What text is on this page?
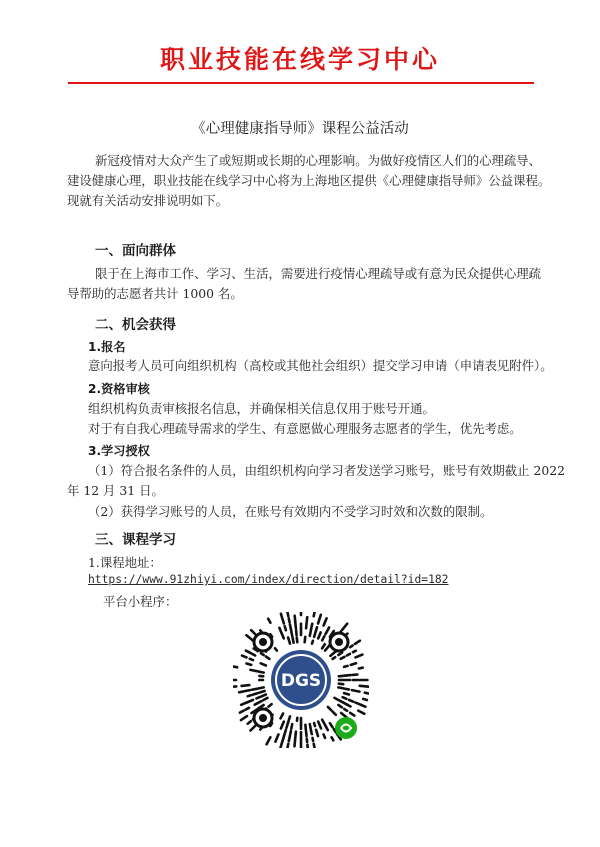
职业技能在线学习中心
《心理健康指导师》课程公益活动
新冠疫情对大众产生了或短期或长期的心理影响。为做好疫情区人们的心理疏导、
建设健康心理，职业技能在线学习中心将为上海地区提供《心理健康指导师》公益课程。
现就有关活动安排说明如下。
一、面向群体
限于在上海市工作、学习、生活，需要进行疫情心理疏导或有意为民众提供心理疏
导帮助的志愿者共计 1000 名。
二、机会获得
1.报名
意向报考人员可向组织机构（高校或其他社会组织）提交学习申请（申请表见附件）。
2.资格审核
组织机构负责审核报名信息，并确保相关信息仅用于账号开通。
对于有自我心理疏导需求的学生、有意愿做心理服务志愿者的学生，优先考虑。
3.学习授权
（1）符合报名条件的人员，由组织机构向学习者发送学习账号，账号有效期截止 2022
年 12 月 31 日。
（2）获得学习账号的人员，在账号有效期内不受学习时效和次数的限制。
三、课程学习
1.课程地址：
https://www.91zhiyi.com/index/direction/detail?id=182
平台小程序：
DGS
